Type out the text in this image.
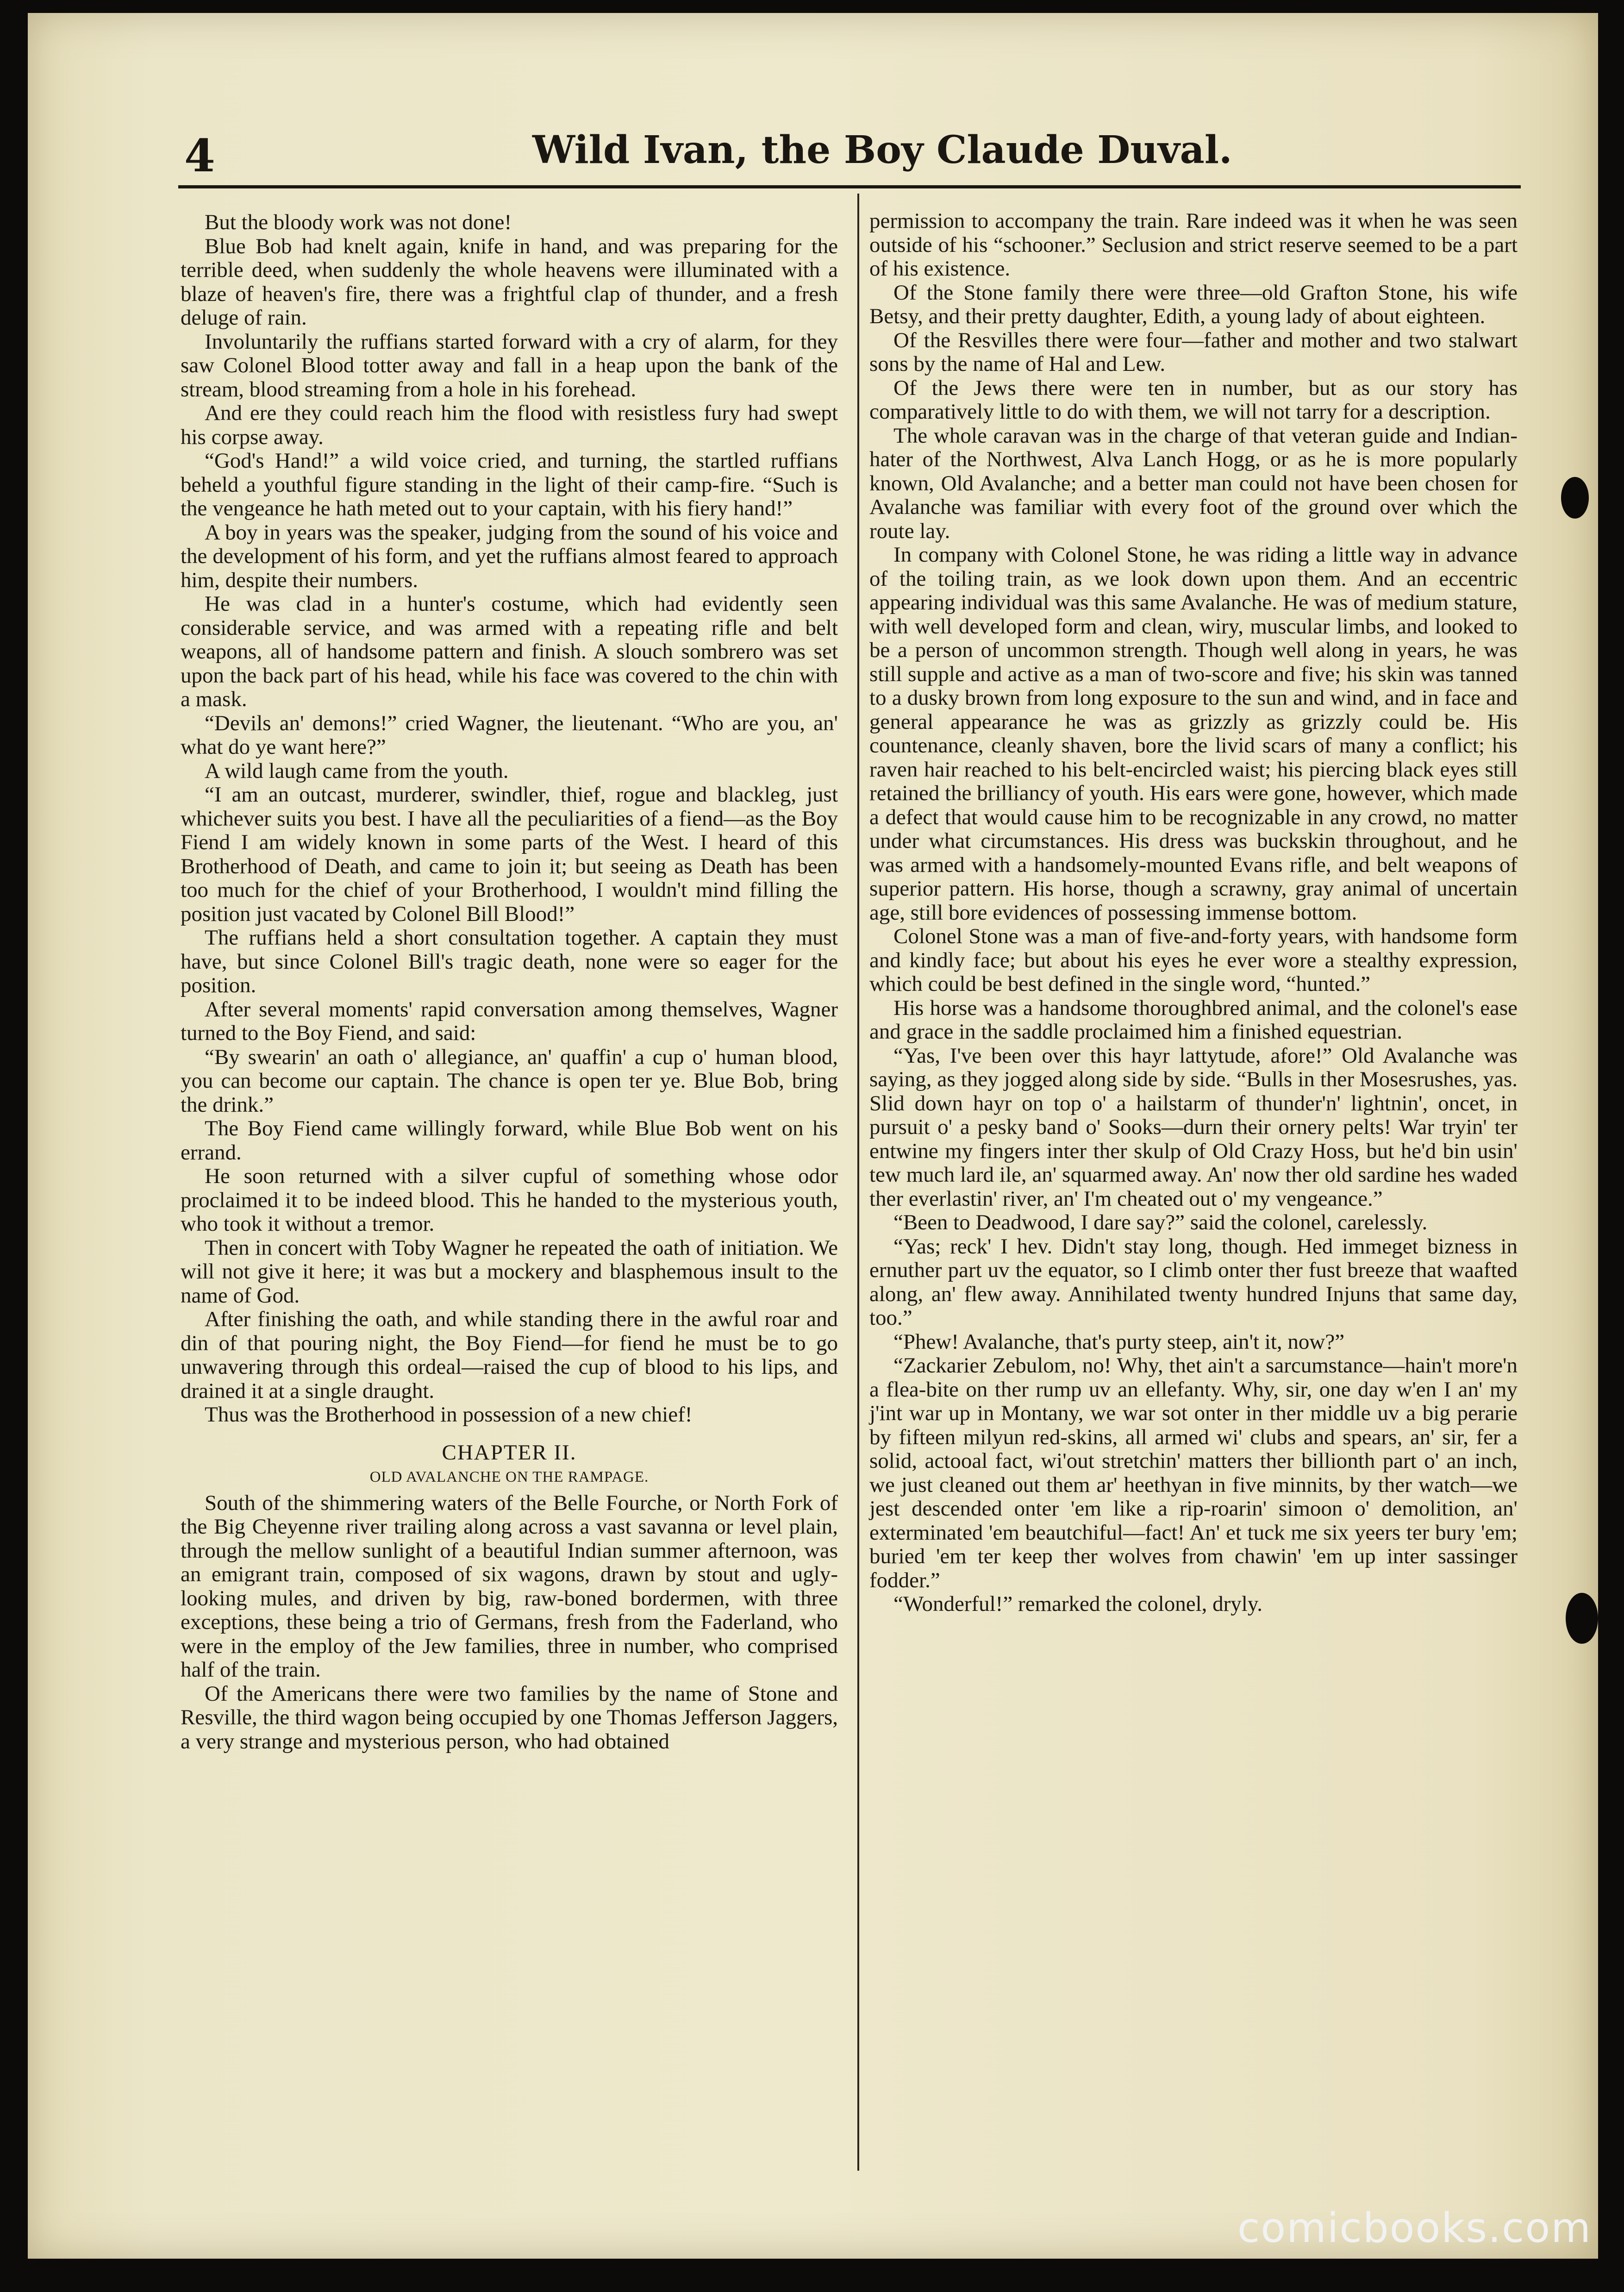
4	Wild Ivan, the Boy Claude Duval.

But the bloody work was not done!

Blue Bob had knelt again, knife in hand, and was preparing for the terrible deed, when suddenly the whole heavens were illuminated with a blaze of heaven's fire, there was a frightful clap of thunder, and a fresh deluge of rain.

Involuntarily the ruffians started forward with a cry of alarm, for they saw Colonel Blood totter away and fall in a heap upon the bank of the stream, blood streaming from a hole in his forehead.

And ere they could reach him the flood with resistless fury had swept his corpse away.

“God's Hand!” a wild voice cried, and turning, the startled ruffians beheld a youthful figure standing in the light of their camp-fire. “Such is the vengeance he hath meted out to your captain, with his fiery hand!”

A boy in years was the speaker, judging from the sound of his voice and the development of his form, and yet the ruffians almost feared to approach him, despite their numbers.

He was clad in a hunter's costume, which had evidently seen considerable service, and was armed with a repeating rifle and belt weapons, all of handsome pattern and finish. A slouch sombrero was set upon the back part of his head, while his face was covered to the chin with a mask.

“Devils an' demons!” cried Wagner, the lieutenant. “Who are you, an' what do ye want here?”

A wild laugh came from the youth.

“I am an outcast, murderer, swindler, thief, rogue and blackleg, just whichever suits you best. I have all the peculiarities of a fiend—as the Boy Fiend I am widely known in some parts of the West. I heard of this Brotherhood of Death, and came to join it; but seeing as Death has been too much for the chief of your Brotherhood, I wouldn't mind filling the position just vacated by Colonel Bill Blood!”

The ruffians held a short consultation together. A captain they must have, but since Colonel Bill's tragic death, none were so eager for the position.

After several moments' rapid conversation among themselves, Wagner turned to the Boy Fiend, and said:

“By swearin' an oath o' allegiance, an' quaffin' a cup o' human blood, you can become our captain. The chance is open ter ye. Blue Bob, bring the drink.”

The Boy Fiend came willingly forward, while Blue Bob went on his errand.

He soon returned with a silver cupful of something whose odor proclaimed it to be indeed blood. This he handed to the mysterious youth, who took it without a tremor.

Then in concert with Toby Wagner he repeated the oath of initiation. We will not give it here; it was but a mockery and blasphemous insult to the name of God.

After finishing the oath, and while standing there in the awful roar and din of that pouring night, the Boy Fiend—for fiend he must be to go unwavering through this ordeal—raised the cup of blood to his lips, and drained it at a single draught.

Thus was the Brotherhood in possession of a new chief!

CHAPTER II.
OLD AVALANCHE ON THE RAMPAGE.

South of the shimmering waters of the Belle Fourche, or North Fork of the Big Cheyenne river trailing along across a vast savanna or level plain, through the mellow sunlight of a beautiful Indian summer afternoon, was an emigrant train, composed of six wagons, drawn by stout and ugly-looking mules, and driven by big, raw-boned bordermen, with three exceptions, these being a trio of Germans, fresh from the Faderland, who were in the employ of the Jew families, three in number, who comprised half of the train.

Of the Americans there were two families by the name of Stone and Resville, the third wagon being occupied by one Thomas Jefferson Jaggers, a very strange and mysterious person, who had obtained

permission to accompany the train. Rare indeed was it when he was seen outside of his “schooner.” Seclusion and strict reserve seemed to be a part of his existence.

Of the Stone family there were three—old Grafton Stone, his wife Betsy, and their pretty daughter, Edith, a young lady of about eighteen.

Of the Resvilles there were four—father and mother and two stalwart sons by the name of Hal and Lew.

Of the Jews there were ten in number, but as our story has comparatively little to do with them, we will not tarry for a description.

The whole caravan was in the charge of that veteran guide and Indian-hater of the Northwest, Alva Lanch Hogg, or as he is more popularly known, Old Avalanche; and a better man could not have been chosen for Avalanche was familiar with every foot of the ground over which the route lay.

In company with Colonel Stone, he was riding a little way in advance of the toiling train, as we look down upon them. And an eccentric appearing individual was this same Avalanche. He was of medium stature, with well developed form and clean, wiry, muscular limbs, and looked to be a person of uncommon strength. Though well along in years, he was still supple and active as a man of two-score and five; his skin was tanned to a dusky brown from long exposure to the sun and wind, and in face and general appearance he was as grizzly as grizzly could be. His countenance, cleanly shaven, bore the livid scars of many a conflict; his raven hair reached to his belt-encircled waist; his piercing black eyes still retained the brilliancy of youth. His ears were gone, however, which made a defect that would cause him to be recognizable in any crowd, no matter under what circumstances. His dress was buckskin throughout, and he was armed with a handsomely-mounted Evans rifle, and belt weapons of superior pattern. His horse, though a scrawny, gray animal of uncertain age, still bore evidences of possessing immense bottom.

Colonel Stone was a man of five-and-forty years, with handsome form and kindly face; but about his eyes he ever wore a stealthy expression, which could be best defined in the single word, “hunted.”

His horse was a handsome thoroughbred animal, and the colonel's ease and grace in the saddle proclaimed him a finished equestrian.

“Yas, I've been over this hayr lattytude, afore!” Old Avalanche was saying, as they jogged along side by side. “Bulls in ther Mosesrushes, yas. Slid down hayr on top o' a hailstarm of thunder'n' lightnin', oncet, in pursuit o' a pesky band o' Sooks—durn their ornery pelts! War tryin' ter entwine my fingers inter ther skulp of Old Crazy Hoss, but he'd bin usin' tew much lard ile, an' squarmed away. An' now ther old sardine hes waded ther everlastin' river, an' I'm cheated out o' my vengeance.”

“Been to Deadwood, I dare say?” said the colonel, carelessly.

“Yas; reck' I hev. Didn't stay long, though. Hed immeget bizness in ernuther part uv the equator, so I climb onter ther fust breeze that waafted along, an' flew away. Annihilated twenty hundred Injuns that same day, too.”

“Phew! Avalanche, that's purty steep, ain't it, now?”

“Zackarier Zebulom, no! Why, thet ain't a sarcumstance—hain't more'n a flea-bite on ther rump uv an ellefanty. Why, sir, one day w'en I an' my j'int war up in Montany, we war sot onter in ther middle uv a big perarie by fifteen milyun red-skins, all armed wi' clubs and spears, an' sir, fer a solid, actooal fact, wi'out stretchin' matters ther billionth part o' an inch, we just cleaned out them ar' heethyan in five minnits, by ther watch—we jest descended onter 'em like a rip-roarin' simoon o' demolition, an' exterminated 'em beautchiful—fact! An' et tuck me six yeers ter bury 'em; buried 'em ter keep ther wolves from chawin' 'em up inter sassinger fodder.”

“Wonderful!” remarked the colonel, dryly.

comicbooks.com
